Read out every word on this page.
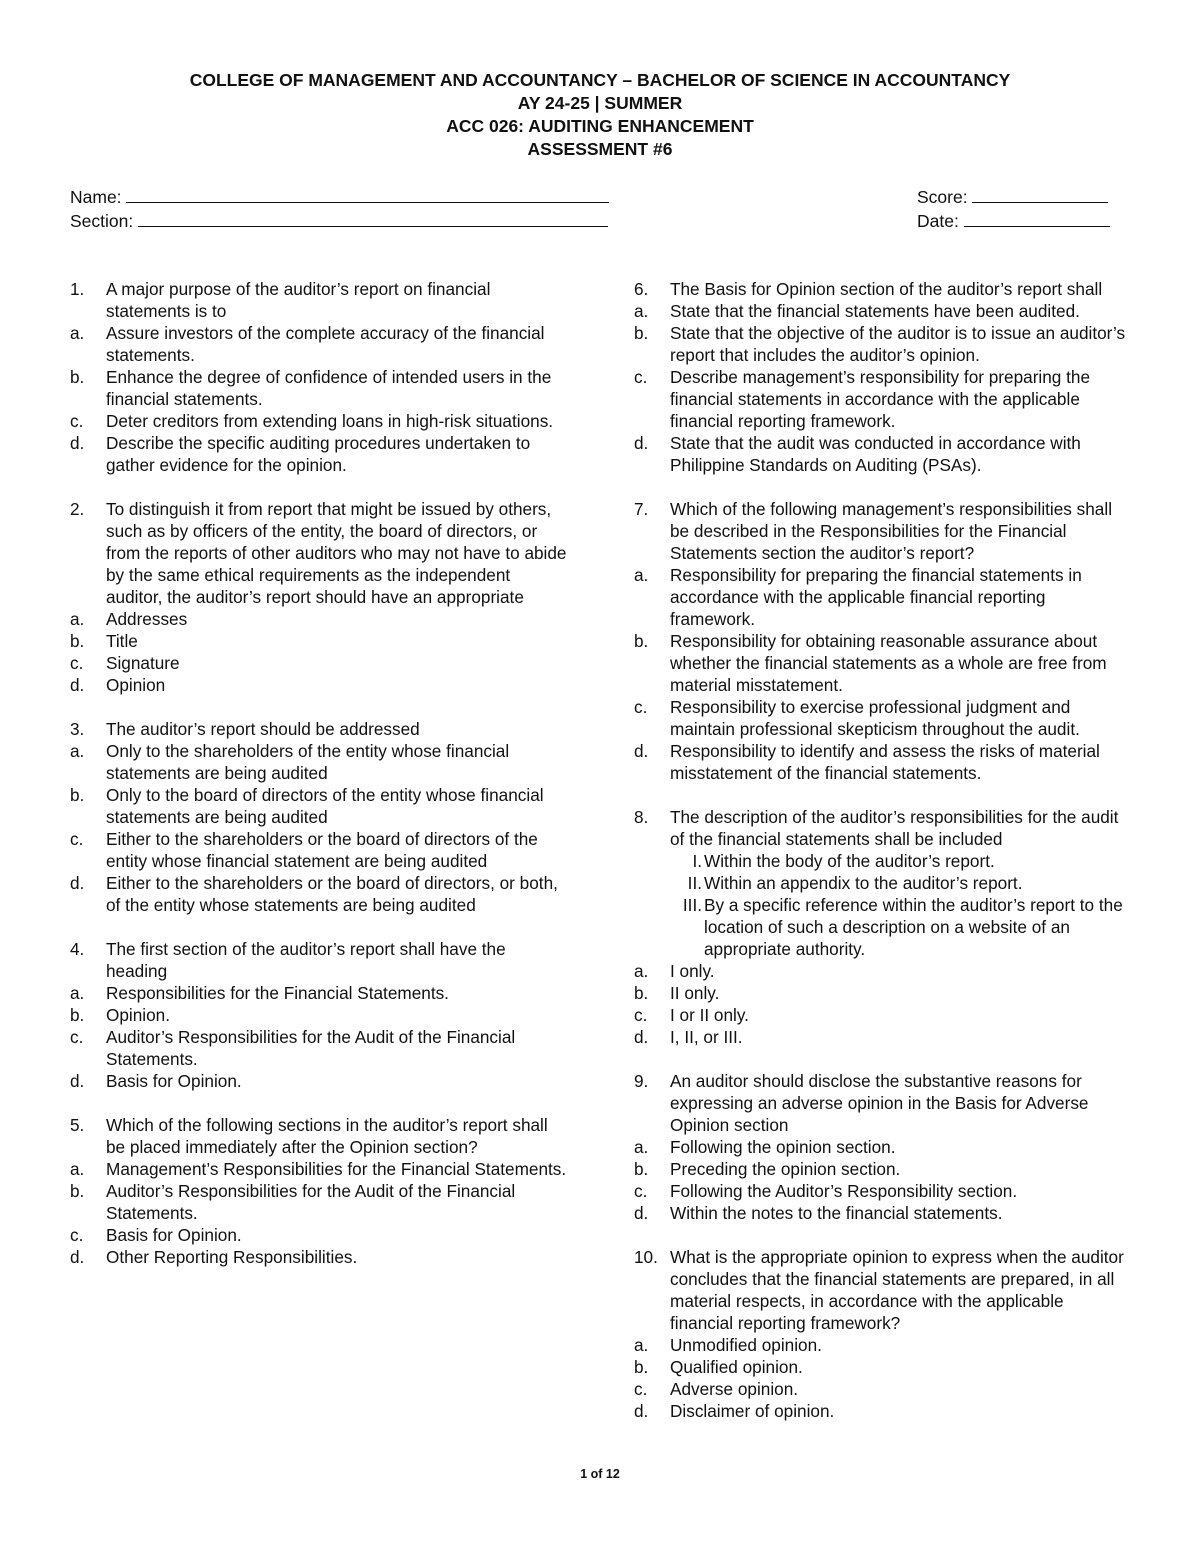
COLLEGE OF MANAGEMENT AND ACCOUNTANCY – BACHELOR OF SCIENCE IN ACCOUNTANCY
AY 24-25 | SUMMER
ACC 026: AUDITING ENHANCEMENT
ASSESSMENT #6
Name:
Section:
Score:
Date:
1.	A major purpose of the auditor’s report on financial statements is to
a.	Assure investors of the complete accuracy of the financial statements.
b.	Enhance the degree of confidence of intended users in the financial statements.
c.	Deter creditors from extending loans in high-risk situations.
d.	Describe the specific auditing procedures undertaken to gather evidence for the opinion.
2.	To distinguish it from report that might be issued by others, such as by officers of the entity, the board of directors, or from the reports of other auditors who may not have to abide by the same ethical requirements as the independent auditor, the auditor’s report should have an appropriate
a.	Addresses
b.	Title
c.	Signature
d.	Opinion
3.	The auditor’s report should be addressed
a.	Only to the shareholders of the entity whose financial statements are being audited
b.	Only to the board of directors of the entity whose financial statements are being audited
c.	Either to the shareholders or the board of directors of the entity whose financial statement are being audited
d.	Either to the shareholders or the board of directors, or both, of the entity whose statements are being audited
4.	The first section of the auditor’s report shall have the heading
a.	Responsibilities for the Financial Statements.
b.	Opinion.
c.	Auditor’s Responsibilities for the Audit of the Financial Statements.
d.	Basis for Opinion.
5.	Which of the following sections in the auditor’s report shall be placed immediately after the Opinion section?
a.	Management’s Responsibilities for the Financial Statements.
b.	Auditor’s Responsibilities for the Audit of the Financial Statements.
c.	Basis for Opinion.
d.	Other Reporting Responsibilities.
6.	The Basis for Opinion section of the auditor’s report shall
a.	State that the financial statements have been audited.
b.	State that the objective of the auditor is to issue an auditor’s report that includes the auditor’s opinion.
c.	Describe management’s responsibility for preparing the financial statements in accordance with the applicable financial reporting framework.
d.	State that the audit was conducted in accordance with Philippine Standards on Auditing (PSAs).
7.	Which of the following management’s responsibilities shall be described in the Responsibilities for the Financial Statements section the auditor’s report?
a.	Responsibility for preparing the financial statements in accordance with the applicable financial reporting framework.
b.	Responsibility for obtaining reasonable assurance about whether the financial statements as a whole are free from material misstatement.
c.	Responsibility to exercise professional judgment and maintain professional skepticism throughout the audit.
d.	Responsibility to identify and assess the risks of material misstatement of the financial statements.
8.	The description of the auditor’s responsibilities for the audit of the financial statements shall be included
I. Within the body of the auditor’s report.
II. Within an appendix to the auditor’s report.
III. By a specific reference within the auditor’s report to the location of such a description on a website of an appropriate authority.
a.	I only.
b.	II only.
c.	I or II only.
d.	I, II, or III.
9.	An auditor should disclose the substantive reasons for expressing an adverse opinion in the Basis for Adverse Opinion section
a.	Following the opinion section.
b.	Preceding the opinion section.
c.	Following the Auditor’s Responsibility section.
d.	Within the notes to the financial statements.
10. What is the appropriate opinion to express when the auditor concludes that the financial statements are prepared, in all material respects, in accordance with the applicable financial reporting framework?
a.	Unmodified opinion.
b.	Qualified opinion.
c.	Adverse opinion.
d.	Disclaimer of opinion.
1 of 12
